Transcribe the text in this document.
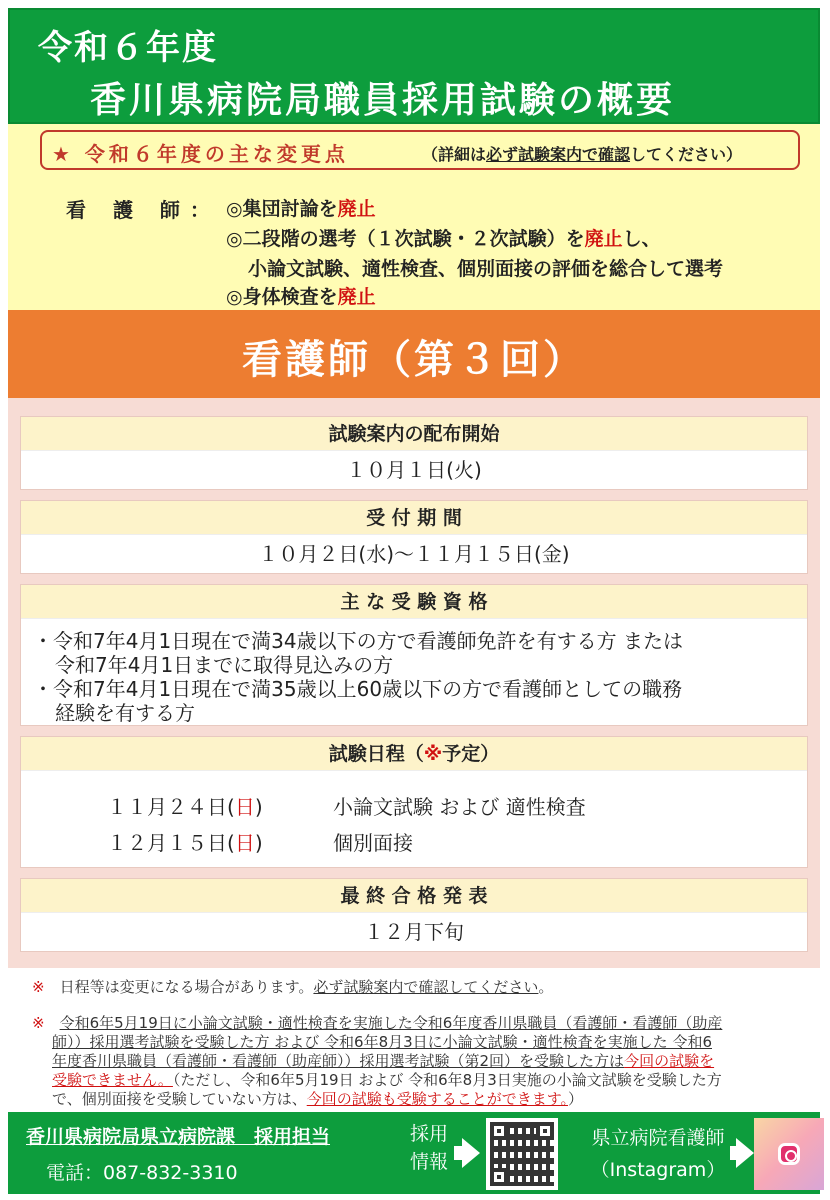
令和６年度
香川県病院局職員採用試験の概要
★ 令和６年度の主な変更点	（詳細は必ず試験案内で確認してください）
看 護 師： ◎集団討論を廃止
◎二段階の選考（１次試験・２次試験）を廃止し、
小論文試験、適性検査、個別面接の評価を総合して選考
◎身体検査を廃止
看護師（第３回）
試験案内の配布開始
１０月１日(火)
受 付 期 間
１０月２日(水)～１１月１５日(金)
主 な 受 験 資 格
・令和7年4月1日現在で満34歳以下の方で看護師免許を有する方 または
令和7年4月1日までに取得見込みの方
・令和7年4月1日現在で満35歳以上60歳以下の方で看護師としての職務
経験を有する方
試験日程（※予定）
１１月２４日(日)	小論文試験 および 適性検査
１２月１５日(日)	個別面接
最 終 合 格 発 表
１２月下旬
※　 日程等は変更になる場合があります。必ず試験案内で確認してください。
※　 令和6年5月19日に小論文試験・適性検査を実施した令和6年度香川県職員（看護師・看護師（助産
師））採用選考試験を受験した方 および 令和6年8月3日に小論文試験・適性検査を実施した 令和6
年度香川県職員（看護師・看護師（助産師））採用選考試験（第2回）を受験した方は今回の試験を
受験できません。（ただし、令和6年5月19日 および 令和6年8月3日実施の小論文試験を受験した方
で、個別面接を受験していない方は、今回の試験も受験することができます。）
香川県病院局県立病院課　採用担当
電話：087-832-3310
採用
情報
県立病院看護師
（Instagram）
